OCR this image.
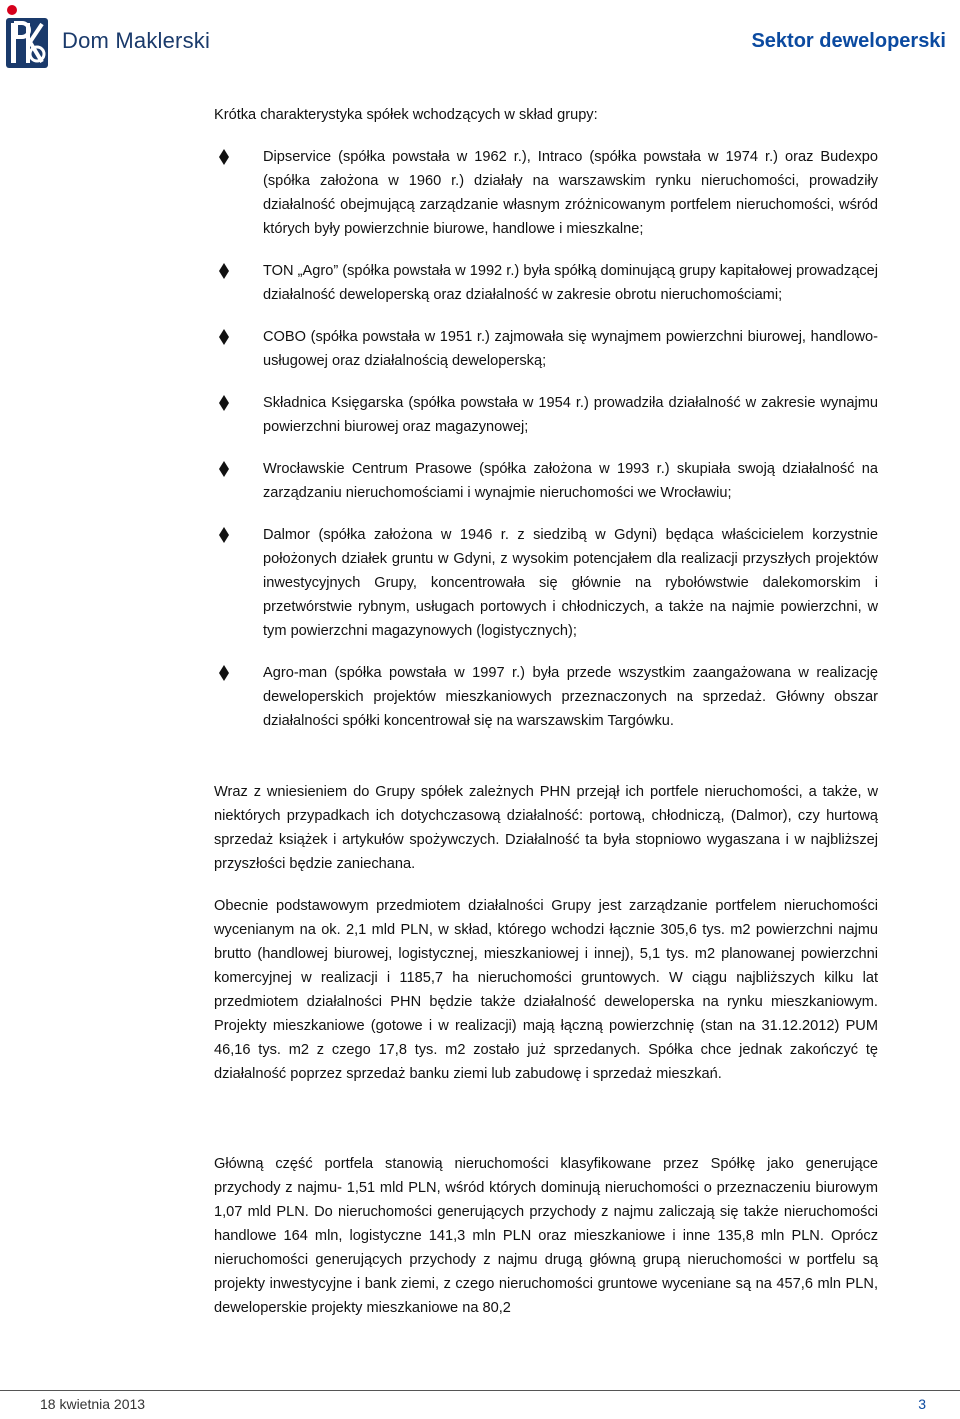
Dom Maklerski	Sektor deweloperski
Krótka charakterystyka spółek wchodzących w skład grupy:
Dipservice (spółka powstała w 1962 r.), Intraco (spółka powstała w 1974 r.) oraz Budexpo (spółka założona w 1960 r.) działały na warszawskim rynku nieruchomości, prowadziły działalność obejmującą zarządzanie własnym zróżnicowanym portfelem nieruchomości, wśród których były powierzchnie biurowe, handlowe i mieszkalne;
TON „Agro” (spółka powstała w 1992 r.) była spółką dominującą grupy kapitałowej prowadzącej działalność deweloperską oraz działalność w zakresie obrotu nieruchomościami;
COBO (spółka powstała w 1951 r.) zajmowała się wynajmem powierzchni biurowej, handlowo- usługowej oraz działalnością deweloperską;
Składnica Księgarska (spółka powstała w 1954 r.) prowadziła działalność w zakresie wynajmu powierzchni biurowej oraz magazynowej;
Wrocławskie Centrum Prasowe (spółka założona w 1993 r.) skupiała swoją działalność na zarządzaniu nieruchomościami i wynajmie nieruchomości we Wrocławiu;
Dalmor (spółka założona w 1946 r. z siedzibą w Gdyni) będąca właścicielem korzystnie położonych działek gruntu w Gdyni, z wysokim potencjałem dla realizacji przyszłych projektów inwestycyjnych Grupy, koncentrowała się głównie na rybołówstwie dalekomorskim i przetwórstwie rybnym, usługach portowych i chłodniczych, a także na najmie powierzchni, w tym powierzchni magazynowych (logistycznych);
Agro-man (spółka powstała w 1997 r.) była przede wszystkim zaangażowana w realizację deweloperskich projektów mieszkaniowych przeznaczonych na sprzedaż. Główny obszar działalności spółki koncentrował się na warszawskim Targówku.

Wraz z wniesieniem do Grupy spółek zależnych PHN przejął ich portfele nieruchomości, a także, w niektórych przypadkach ich dotychczasową działalność: portową, chłodniczą, (Dalmor), czy hurtową sprzedaż książek i artykułów spożywczych. Działalność ta była stopniowo wygaszana i w najbliższej przyszłości będzie zaniechana.

Obecnie podstawowym przedmiotem działalności Grupy jest zarządzanie portfelem nieruchomości wycenianym na ok. 2,1 mld PLN, w skład, którego wchodzi łącznie 305,6 tys. m2 powierzchni najmu brutto (handlowej biurowej, logistycznej, mieszkaniowej i innej), 5,1 tys. m2 planowanej powierzchni komercyjnej w realizacji i 1185,7 ha nieruchomości gruntowych. W ciągu najbliższych kilku lat przedmiotem działalności PHN będzie także działalność deweloperska na rynku mieszkaniowym. Projekty mieszkaniowe (gotowe i w realizacji) mają łączną powierzchnię (stan na 31.12.2012) PUM 46,16 tys. m2 z czego 17,8 tys. m2 zostało już sprzedanych. Spółka chce jednak zakończyć tę działalność poprzez sprzedaż banku ziemi lub zabudowę i sprzedaż mieszkań.

Główną część portfela stanowią nieruchomości klasyfikowane przez Spółkę jako generujące przychody z najmu- 1,51 mld PLN, wśród których dominują nieruchomości o przeznaczeniu biurowym 1,07 mld PLN. Do nieruchomości generujących przychody z najmu zaliczają się także nieruchomości handlowe 164 mln, logistyczne 141,3 mln PLN oraz mieszkaniowe i inne 135,8 mln PLN. Oprócz nieruchomości generujących przychody z najmu drugą główną grupą nieruchomości w portfelu są projekty inwestycyjne i bank ziemi, z czego nieruchomości gruntowe wyceniane są na 457,6 mln PLN, deweloperskie projekty mieszkaniowe na 80,2

18 kwietnia 2013	3
